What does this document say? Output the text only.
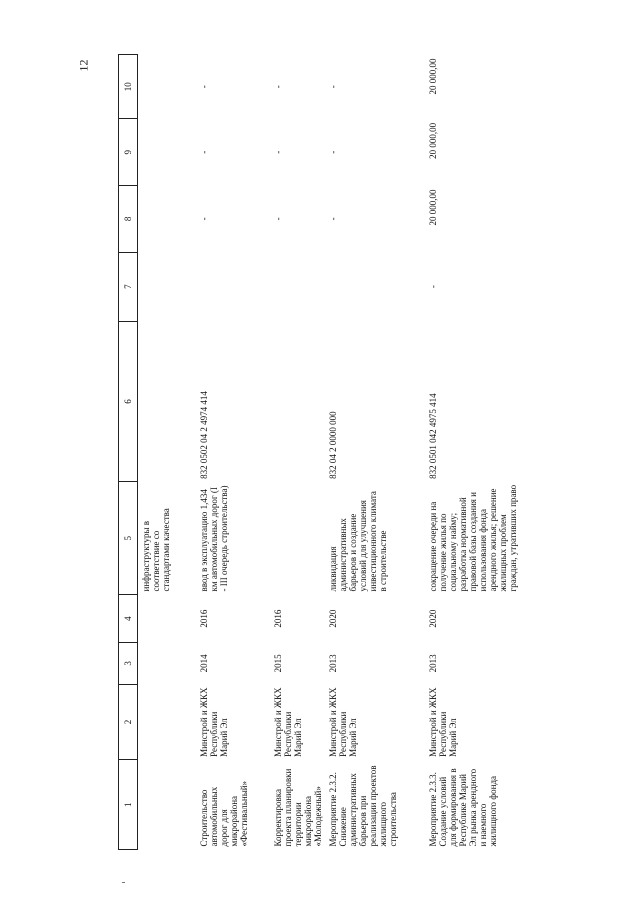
12
1	2	3	4	5	6	7	8	9	10
				инфраструктуры в соответствие со стандартами качества					
Строительство автомобильных дорог для микрорайона «Фестивальный»	Минстрой и ЖКХ Республики Марий Эл	2014	2016	ввод в эксплуатацию 1,434 км автомобильных дорог (I - III очередь строительства)	832 0502 04 2 4974 414		-	-	-
Корректировка проекта планировки территории микрорайона «Молодежный»	Минстрой и ЖКХ Республики Марий Эл	2015	2016				-	-	-
Мероприятие 2.3.2. Снижение административных барьеров при реализации проектов жилищного строительства	Минстрой и ЖКХ Республики Марий Эл	2013	2020	ликвидация административных барьеров и создание условий для улучшения инвестиционного климата в строительстве	832 04 2 0000 000		-	-	-
Мероприятие 2.3.3. Создание условий для формирования в Республике Марий Эл рынка арендного и наемного жилищного фонда	Минстрой и ЖКХ Республики Марий Эл	2013	2020	сокращение очереди на получение жилья по социальному найму; разработка нормативной правовой базы создания и использования фонда арендного жилья; решение жилищных проблем граждан, утративших право	832 0501 042 4975 414	-	20 000,00	20 000,00	20 000,00
